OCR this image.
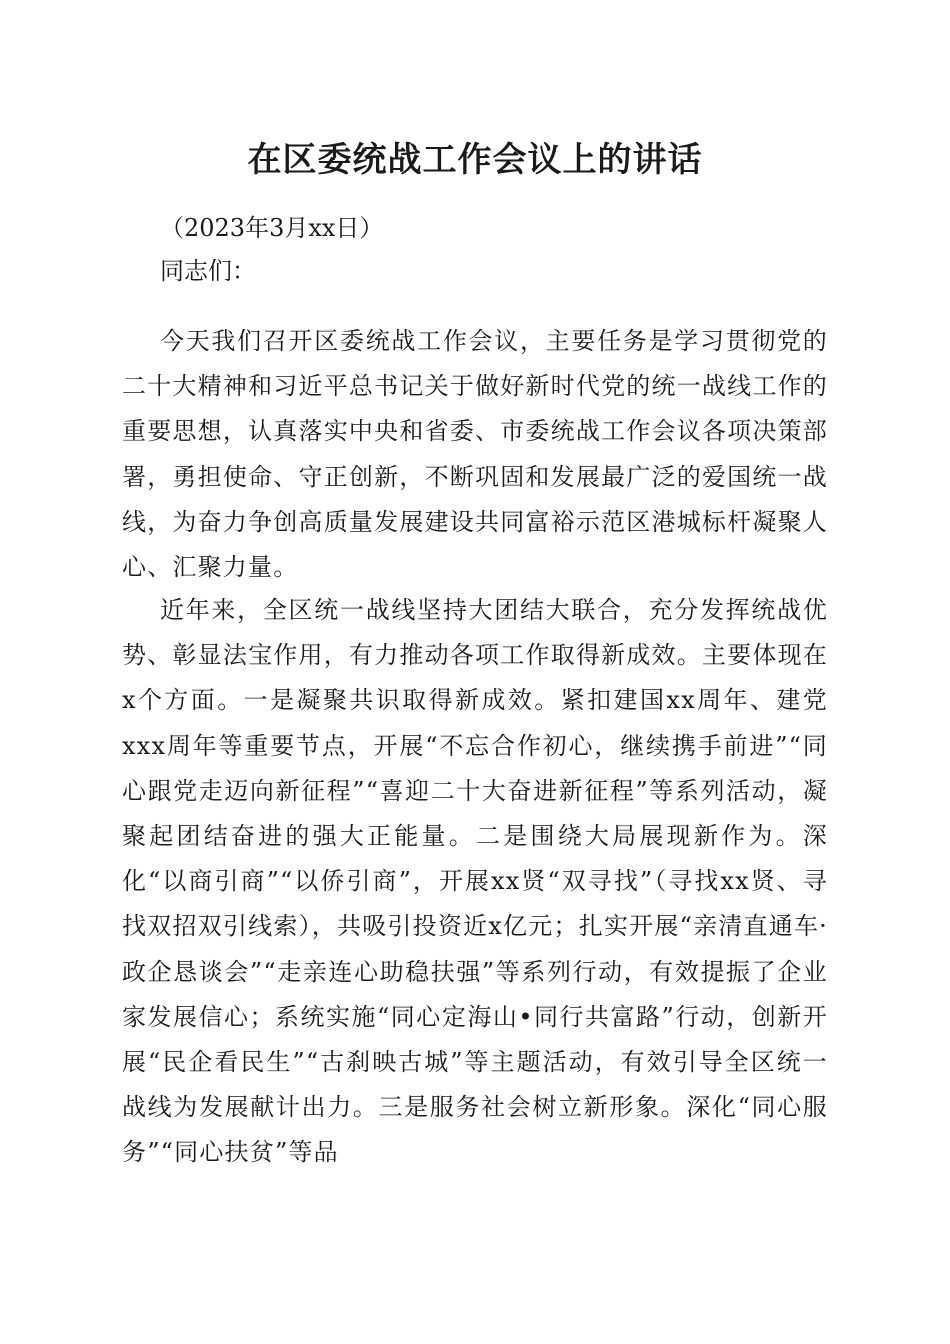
在区委统战工作会议上的讲话
（2023年3月xx日）
同志们：

今天我们召开区委统战工作会议，主要任务是学习贯彻党的二十大精神和习近平总书记关于做好新时代党的统一战线工作的重要思想，认真落实中央和省委、市委统战工作会议各项决策部署，勇担使命、守正创新，不断巩固和发展最广泛的爱国统一战线，为奋力争创高质量发展建设共同富裕示范区港城标杆凝聚人心、汇聚力量。

近年来，全区统一战线坚持大团结大联合，充分发挥统战优势、彰显法宝作用，有力推动各项工作取得新成效。主要体现在x个方面。一是凝聚共识取得新成效。紧扣建国xx周年、建党xxx周年等重要节点，开展“不忘合作初心，继续携手前进”“同心跟党走迈向新征程”“喜迎二十大奋进新征程”等系列活动，凝聚起团结奋进的强大正能量。二是围绕大局展现新作为。深化“以商引商”“以侨引商”，开展xx贤“双寻找”（寻找xx贤、寻找双招双引线索），共吸引投资近x亿元；扎实开展“亲清直通车·政企恳谈会”“走亲连心助稳扶强”等系列行动，有效提振了企业家发展信心；系统实施“同心定海山•同行共富路”行动，创新开展“民企看民生”“古刹映古城”等主题活动，有效引导全区统一战线为发展献计出力。三是服务社会树立新形象。深化“同心服务”“同心扶贫”等品
